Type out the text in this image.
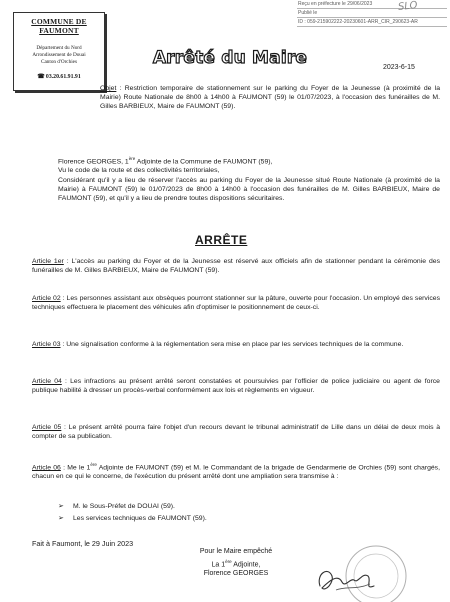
COMMUNE DE
FAUMONT
Département du Nord
Arrondissement de Douai
Canton d'Orchies
☎ 03.20.61.91.91
Reçu en préfecture le 29/06/2023
Publié le
ID : 059-215902222-20230601-ARR_CIR_290623-AR
SLO
Arrêté du Maire	2023-6-15
Objet : Restriction temporaire de stationnement sur le parking du Foyer de la Jeunesse (à proximité de la Mairie) Route Nationale de 8h00 à 14h00 à FAUMONT (59) le 01/07/2023, à l'occasion des funérailles de M. Gilles BARBIEUX, Maire de FAUMONT (59).
Florence GEORGES, 1ère Adjointe de la Commune de FAUMONT (59),
Vu le code de la route et des collectivités territoriales,
Considérant qu'il y a lieu de réserver l'accès au parking du Foyer de la Jeunesse situé Route Nationale (à proximité de la Mairie) à FAUMONT (59) le 01/07/2023 de 8h00 à 14h00 à l'occasion des funérailles de M. Gilles BARBIEUX, Maire de FAUMONT (59), et qu'il y a lieu de prendre toutes dispositions sécuritaires.
ARRÊTE
Article 1er : L'accès au parking du Foyer et de la Jeunesse est réservé aux officiels afin de stationner pendant la cérémonie des funérailles de M. Gilles BARBIEUX, Maire de FAUMONT (59).
Article 02 : Les personnes assistant aux obsèques pourront stationner sur la pâture, ouverte pour l'occasion. Un employé des services techniques effectuera le placement des véhicules afin d'optimiser le positionnement de ceux-ci.
Article 03 : Une signalisation conforme à la réglementation sera mise en place par les services techniques de la commune.
Article 04 : Les infractions au présent arrêté seront constatées et poursuivies par l'officier de police judiciaire ou agent de force publique habilité à dresser un procès-verbal conformément aux lois et règlements en vigueur.
Article 05 : Le présent arrêté pourra faire l'objet d'un recours devant le tribunal administratif de Lille dans un délai de deux mois à compter de sa publication.
Article 06 : Me le 1ère Adjointe de FAUMONT (59) et M. le Commandant de la brigade de Gendarmerie de Orchies (59) sont chargés, chacun en ce qui le concerne, de l'exécution du présent arrêté dont une ampliation sera transmise à :
➢	M. le Sous-Préfet de DOUAI (59).
➢	Les services techniques de FAUMONT (59).
Fait à Faumont, le 29 Juin 2023
Pour le Maire empêché
La 1ère Adjointe,
Florence GEORGES
